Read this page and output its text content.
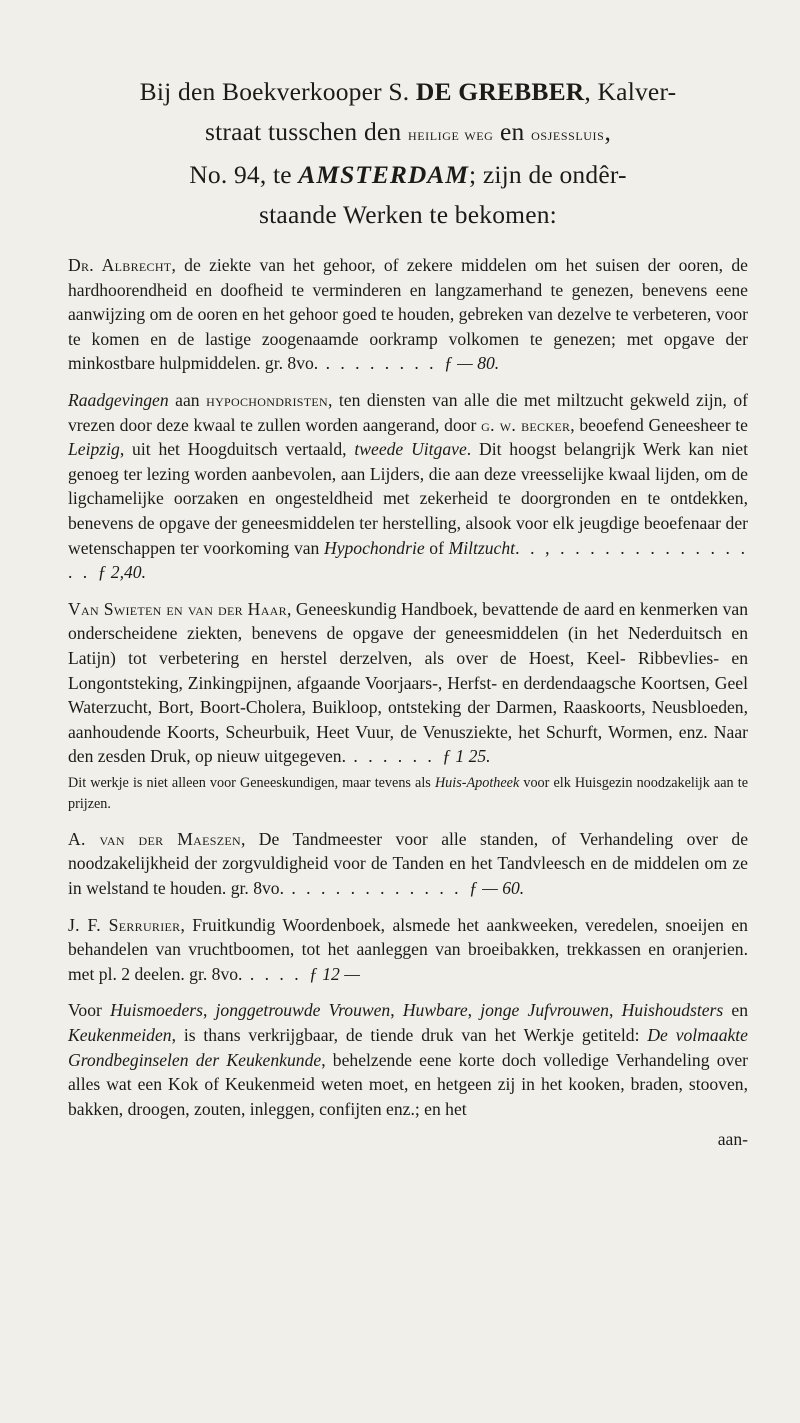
Bij den Boekverkooper S. DE GREBBER, Kalver-
straat tusschen den heilige weg en osjessluis,
No. 94, te AMSTERDAM; zijn de ondêr-
staande Werken te bekomen:

Dr. Albrecht, de ziekte van het gehoor, of zekere middelen om het suisen der ooren, de hardhoorendheid en doofheid te verminderen en langzamerhand te genezen, benevens eene aanwijzing om de ooren en het gehoor goed te houden, gebreken van dezelve te verbeteren, voor te komen en de lastige zoogenaamde oorkramp volkomen te genezen; met opgave der minkostbare hulpmiddelen. gr. 8vo. . . . . . . . . ƒ — 80.

Raadgevingen aan hypochondristen, ten diensten van alle die met miltzucht gekweld zijn, of vrezen door deze kwaal te zullen worden aangerand, door g. w. becker, beoefend Geneesheer te Leipzig, uit het Hoogduitsch vertaald, tweede Uitgave. Dit hoogst belangrijk Werk kan niet genoeg ter lezing worden aanbevolen, aan Lijders, die aan deze vreesselijke kwaal lijden, om de ligchamelijke oorzaken en ongesteldheid met zekerheid te doorgronden en te ontdekken, benevens de opgave der geneesmiddelen ter herstelling, alsook voor elk jeugdige beoefenaar der wetenschappen ter voorkoming van Hypochondrie of Miltzucht. . , . . . . . . . . . . . . . . . ƒ 2,40.

Van Swieten en van der Haar, Geneeskundig Handboek, bevattende de aard en kenmerken van onderscheidene ziekten, benevens de opgave der geneesmiddelen (in het Nederduitsch en Latijn) tot verbetering en herstel derzelven, als over de Hoest, Keel- Ribbevlies- en Longontsteking, Zinkingpijnen, afgaande Voorjaars-, Herfst- en derdendaagsche Koortsen, Geel Waterzucht, Bort, Boort-Cholera, Buikloop, ontsteking der Darmen, Raaskoorts, Neusbloeden, aanhoudende Koorts, Scheurbuik, Heet Vuur, de Venusziekte, het Schurft, Wormen, enz. Naar den zesden Druk, op nieuw uitgegeven. . . . . . . ƒ 1 25.

Dit werkje is niet alleen voor Geneeskundigen, maar tevens als Huis-Apotheek voor elk Huisgezin noodzakelijk aan te prijzen.

A. van der Maeszen, De Tandmeester voor alle standen, of Verhandeling over de noodzakelijkheid der zorgvuldigheid voor de Tanden en het Tandvleesch en de middelen om ze in welstand te houden. gr. 8vo. . . . . . . . . . . . . ƒ — 60.

J. F. Serrurier, Fruitkundig Woordenboek, alsmede het aankweeken, veredelen, snoeijen en behandelen van vruchtboomen, tot het aanleggen van broeibakken, trekkassen en oranjerien. met pl. 2 deelen. gr. 8vo. . . . . ƒ 12 —

Voor Huismoeders, jonggetrouwde Vrouwen, Huwbare, jonge Jufvrouwen, Huishoudsters en Keukenmeiden, is thans verkrijgbaar, de tiende druk van het Werkje getiteld: De volmaakte Grondbeginselen der Keukenkunde, behelzende eene korte doch volledige Verhandeling over alles wat een Kok of Keukenmeid weten moet, en hetgeen zij in het kooken, braden, stooven, bakken, droogen, zouten, inleggen, confijten enz.; en het

aan-
